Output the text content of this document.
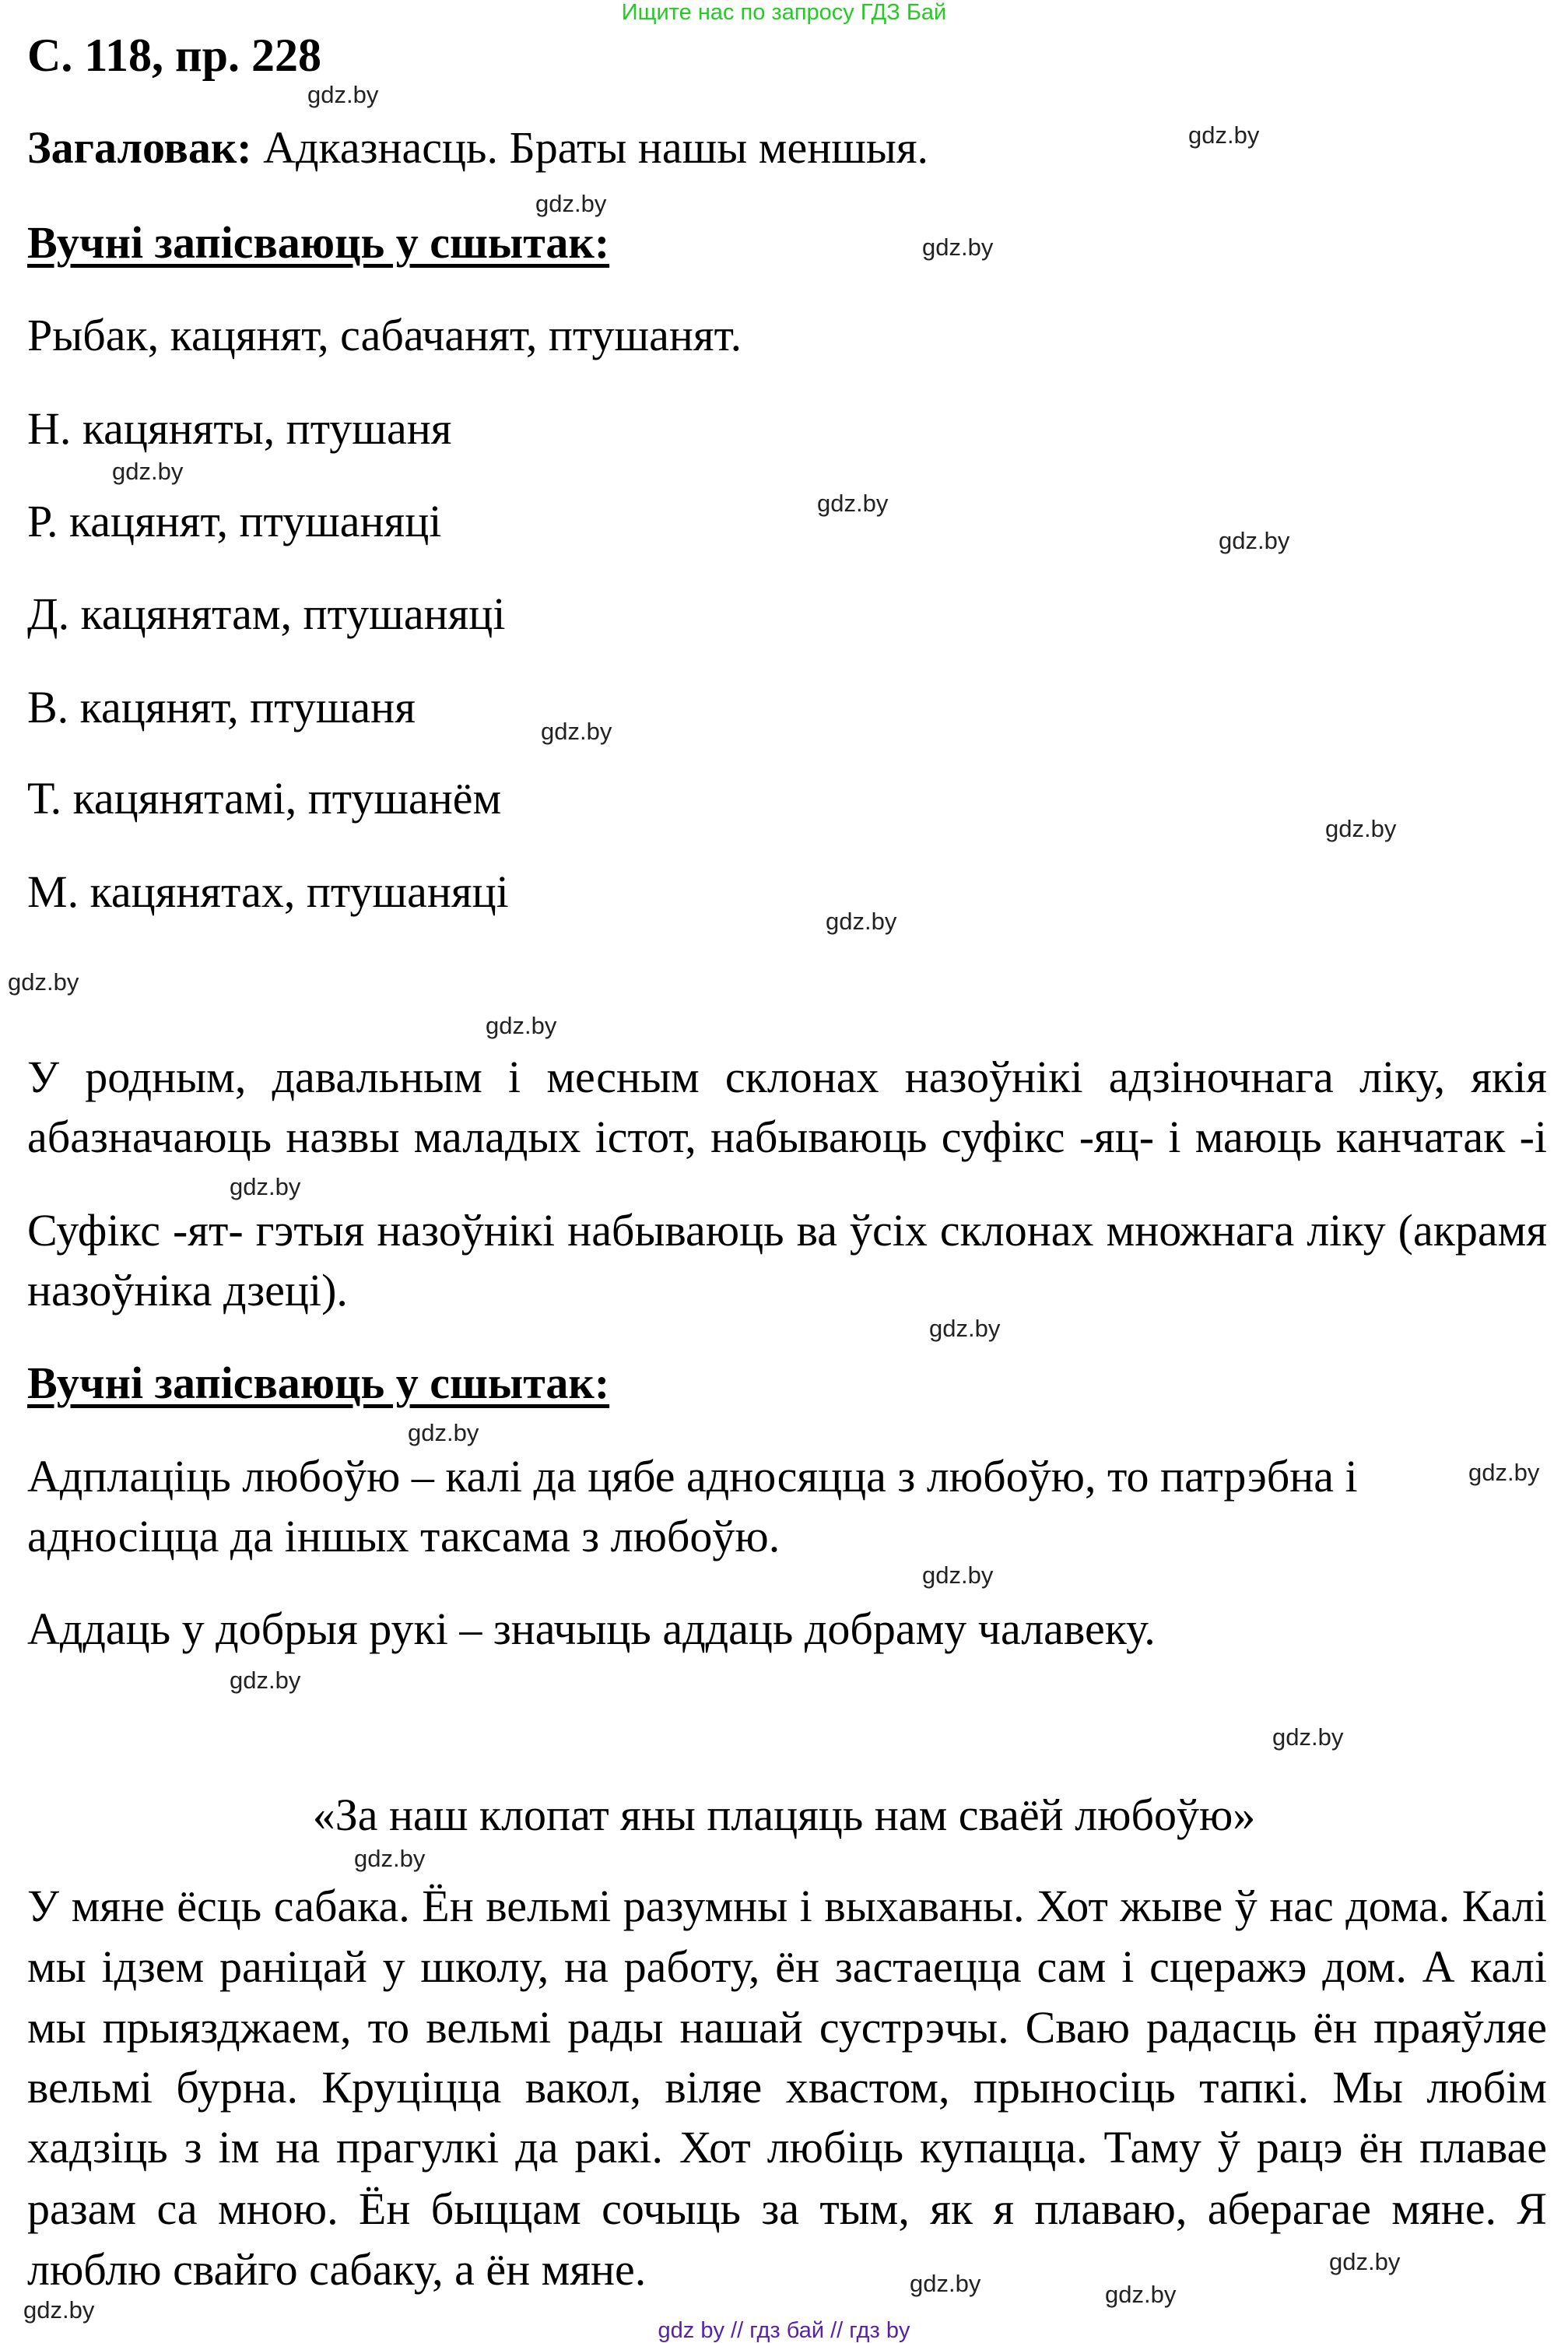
Ищите нас по запросу ГДЗ Бай
С. 118, пр. 228
Загаловак: Адказнасць. Браты нашы меншыя.
Вучні запісваюць у сшытак:
Рыбак, кацянят, сабачанят, птушанят.
Н. кацяняты, птушаня
Р. кацянят, птушаняці
Д. кацянятам, птушаняці
В. кацянят, птушаня
Т. кацянятамі, птушанём
М. кацянятах, птушаняці
У родным, давальным і месным склонах назоўнікі адзіночнага ліку, якія
абазначаюць назвы маладых істот, набываюць суфікс -яц- і маюць канчатак -і
Суфікс -ят- гэтыя назоўнікі набываюць ва ўсіх склонах множнага ліку (акрамя
назоўніка дзеці).
Вучні запісваюць у сшытак:
Адплаціць любоўю – калі да цябе адносяцца з любоўю, то патрэбна і
адносіцца да іншых таксама з любоўю.
Аддаць у добрыя рукі – значыць аддаць добраму чалавеку.
«За наш клопат яны плацяць нам сваёй любоўю»
У мяне ёсць сабака. Ён вельмі разумны і выхаваны. Хот жыве ў нас дома. Калі
мы ідзем раніцай у школу, на работу, ён застаецца сам і сцеражэ дом. А калі
мы прыязджаем, то вельмі рады нашай сустрэчы. Сваю радасць ён праяўляе
вельмі бурна. Круціцца вакол, віляе хвастом, прыносіць тапкі. Мы любім
хадзіць з ім на прагулкі да ракі. Хот любіць купацца. Таму ў рацэ ён плавае
разам са мною. Ён быццам сочыць за тым, як я плаваю, аберагае мяне. Я
люблю свайго сабаку, а ён мяне.
gdz.by
gdz.by
gdz.by
gdz.by
gdz.by
gdz.by
gdz.by
gdz.by
gdz.by
gdz.by
gdz.by
gdz.by
gdz.by
gdz.by
gdz.by
gdz.by
gdz.by
gdz.by
gdz.by
gdz.by
gdz.by
gdz.by
gdz.by
gdz.by
gdz by // гдз бай // гдз by
